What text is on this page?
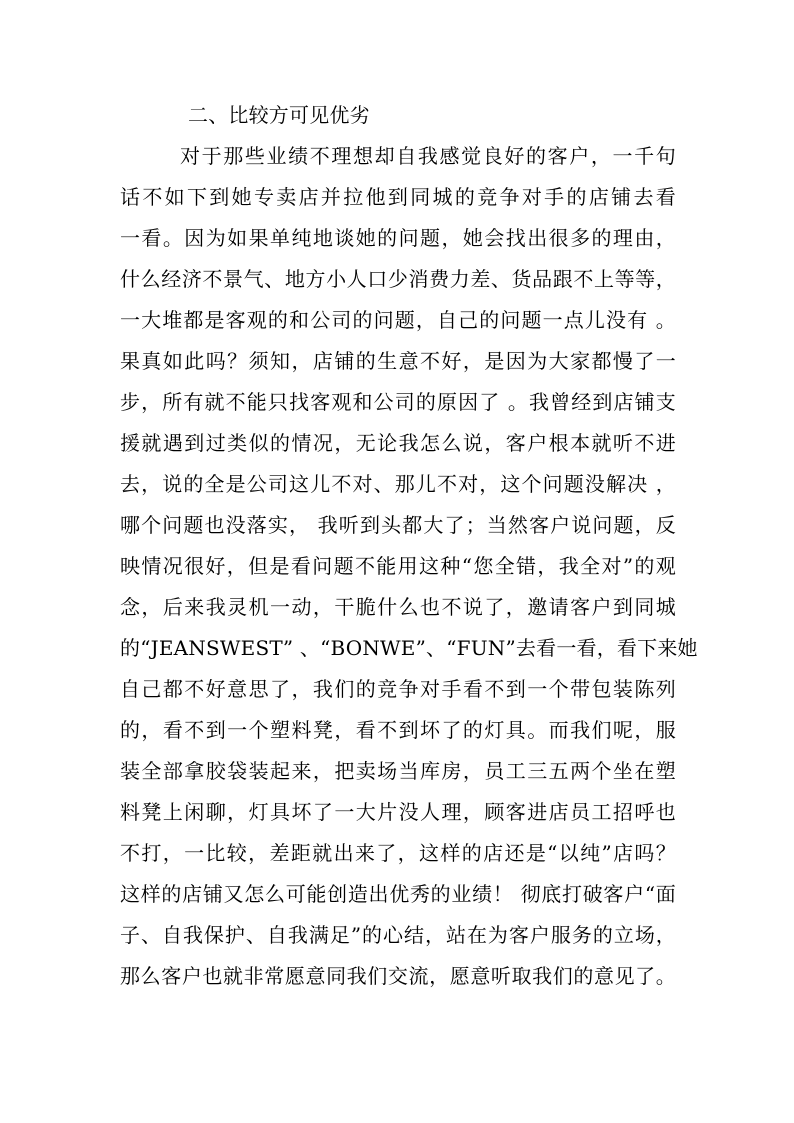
二、比较方可见优劣
对于那些业绩不理想却自我感觉良好的客户，一千句
话不如下到她专卖店并拉他到同城的竞争对手的店铺去看
一看。因为如果单纯地谈她的问题，她会找出很多的理由，
什么经济不景气、地方小人口少消费力差、货品跟不上等等，
一大堆都是客观的和公司的问题，自己的问题一点儿没有 。
果真如此吗？须知，店铺的生意不好，是因为大家都慢了一
步，所有就不能只找客观和公司的原因了 。我曾经到店铺支
援就遇到过类似的情况，无论我怎么说，客户根本就听不进
去，说的全是公司这儿不对、那儿不对，这个问题没解决 ，
哪个问题也没落实， 我听到头都大了；当然客户说问题，反
映情况很好，但是看问题不能用这种“您全错，我全对”的观
念，后来我灵机一动，干脆什么也不说了，邀请客户到同城
的“JEANSWEST” 、“BONWE”、“FUN”去看一看，看下来她
自己都不好意思了，我们的竞争对手看不到一个带包装陈列
的，看不到一个塑料凳，看不到坏了的灯具。而我们呢，服
装全部拿胶袋装起来，把卖场当库房，员工三五两个坐在塑
料凳上闲聊，灯具坏了一大片没人理，顾客进店员工招呼也
不打，一比较，差距就出来了，这样的店还是“以纯”店吗？
这样的店铺又怎么可能创造出优秀的业绩！ 彻底打破客户“面
子、自我保护、自我满足”的心结，站在为客户服务的立场，
那么客户也就非常愿意同我们交流，愿意听取我们的意见了。
